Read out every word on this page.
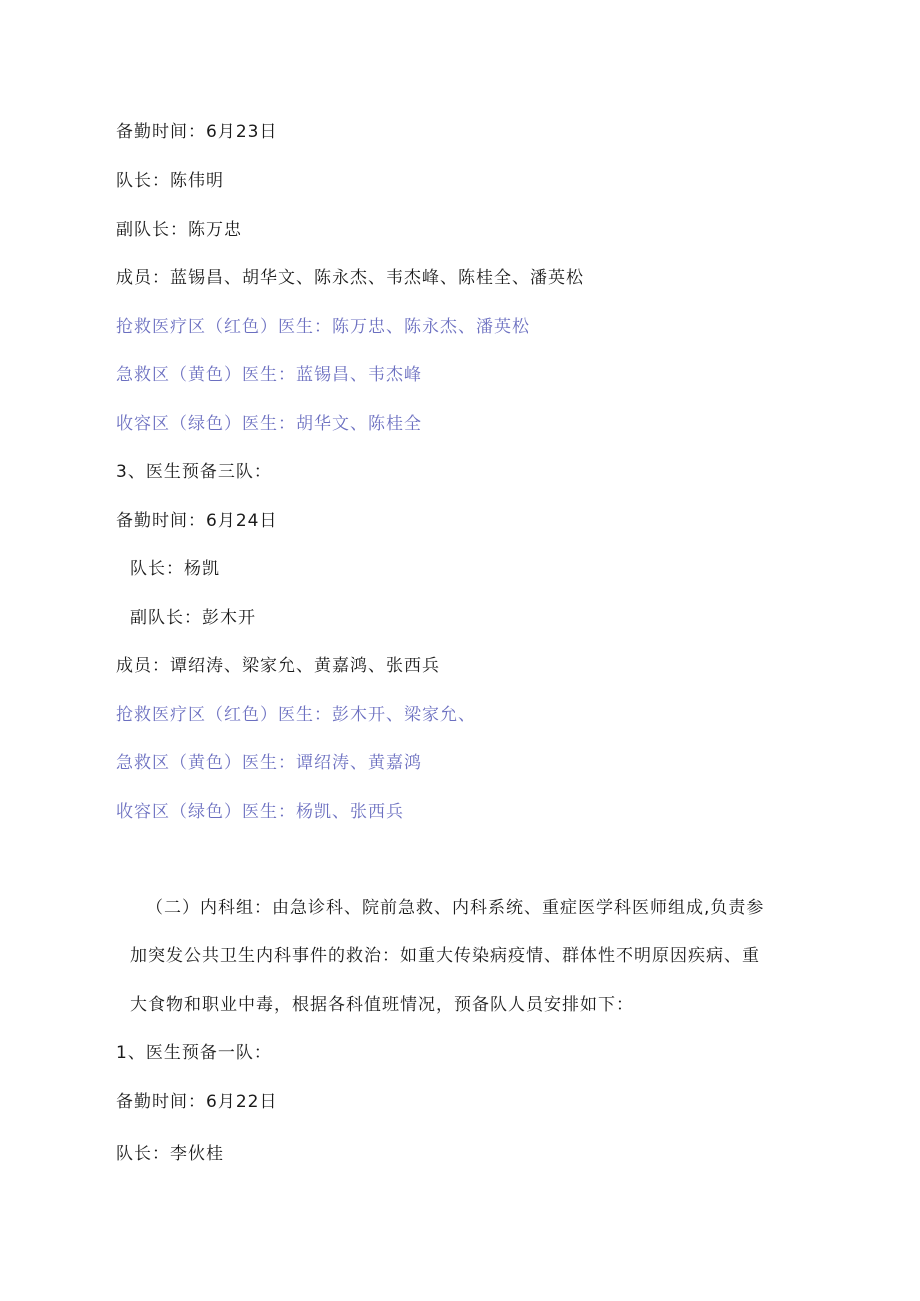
备勤时间：6月23日
队长：陈伟明
副队长：陈万忠
成员：蓝锡昌、胡华文、陈永杰、韦杰峰、陈桂全、潘英松
抢救医疗区（红色）医生：陈万忠、陈永杰、潘英松
急救区（黄色）医生：蓝锡昌、韦杰峰
收容区（绿色）医生：胡华文、陈桂全
3、医生预备三队：
备勤时间：6月24日
队长：杨凯
副队长：彭木开
成员：谭绍涛、梁家允、黄嘉鸿、张西兵
抢救医疗区（红色）医生：彭木开、梁家允、
急救区（黄色）医生：谭绍涛、黄嘉鸿
收容区（绿色）医生：杨凯、张西兵
（二）内科组：由急诊科、院前急救、内科系统、重症医学科医师组成,负责参
加突发公共卫生内科事件的救治：如重大传染病疫情、群体性不明原因疾病、重
大食物和职业中毒，根据各科值班情况，预备队人员安排如下：
1、医生预备一队：
备勤时间：6月22日
队长：李伙桂
